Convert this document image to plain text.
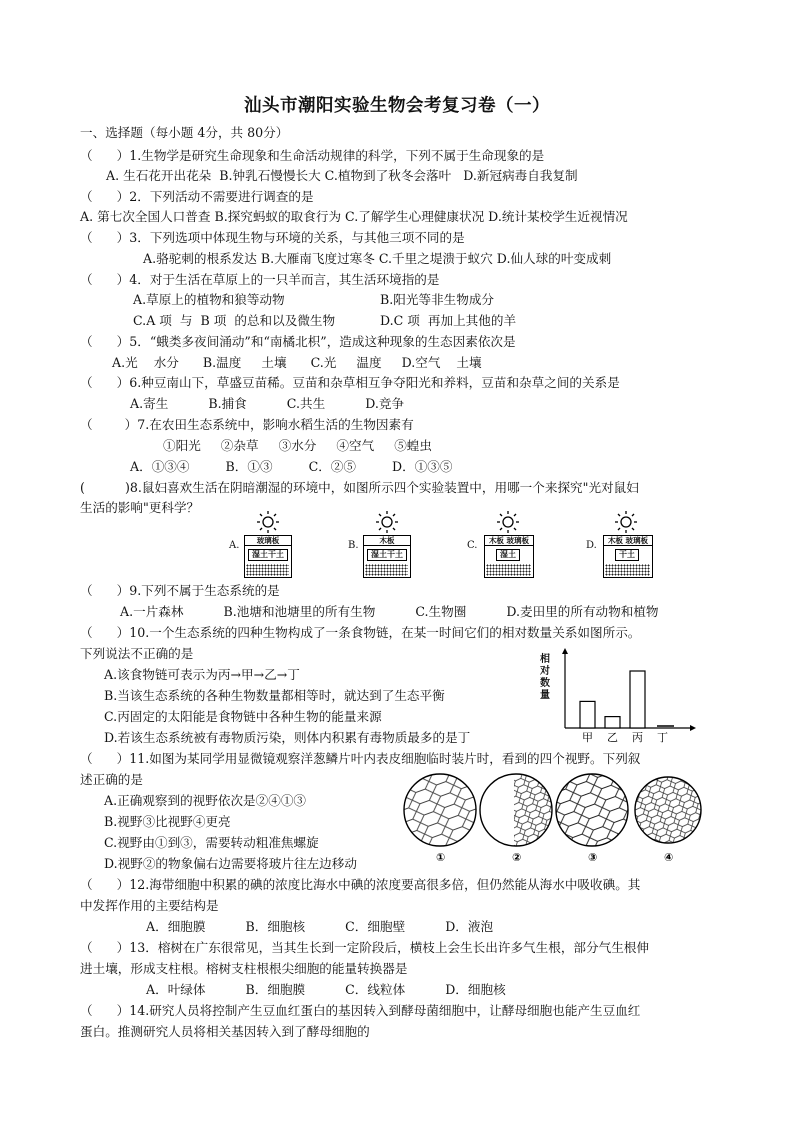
汕头市潮阳实验生物会考复习卷（一）
一、选择题（每小题 4分，共 80分）
（      ）1.生物学是研究生命现象和生命活动规律的科学，下列不属于生命现象的是
A. 生石花开出花朵  B.钟乳石慢慢长大 C.植物到了秋冬会落叶   D.新冠病毒自我复制
（      ）2．下列活动不需要进行调查的是
A. 第七次全国人口普查 B.探究蚂蚁的取食行为 C.了解学生心理健康状况 D.统计某校学生近视情况
（      ）3．下列选项中体现生物与环境的关系，与其他三项不同的是
A.骆驼刺的根系发达 B.大雁南飞度过寒冬 C.千里之堤溃于蚁穴 D.仙人球的叶变成刺
（      ）4．对于生活在草原上的一只羊而言，其生活环境指的是
A.草原上的植物和狼等动物	B.阳光等非生物成分
C.A 项  与  B 项  的总和以及微生物	D.C 项  再加上其他的羊
（      ）5．“蛾类多夜间涌动”和“南橘北枳”，造成这种现象的生态因素依次是
A.光    水分      B.温度     土壤      C.光     温度     D.空气    土壤
（      ）6.种豆南山下，草盛豆苗稀。豆苗和杂草相互争夺阳光和养料，豆苗和杂草之间的关系是
A.寄生          B.捕食          C.共生          D.竞争
（        ）7.在农田生态系统中，影响水稻生活的生物因素有
①阳光     ②杂草     ③水分     ④空气     ⑤蝗虫
A．①③④         B．①③         C．②⑤         D．①③⑤
(          )8.鼠妇喜欢生活在阴暗潮湿的环境中，如图所示四个实验装置中，用哪一个来探究"光对鼠妇
生活的影响"更科学？
A.	玻璃板
湿土干土
B.	木板
湿土干土
C.	木板 玻璃板
湿土
D.	木板 玻璃板
干土
（      ）9.下列不属于生态系统的是
A.一片森林          B.池塘和池塘里的所有生物          C.生物圈          D.麦田里的所有动物和植物
（      ）10.一个生态系统的四种生物构成了一条食物链，在某一时间它们的相对数量关系如图所示。
下列说法不正确的是
A.该食物链可表示为丙→甲→乙→丁
B.当该生态系统的各种生物数量都相等时，就达到了生态平衡
C.丙固定的太阳能是食物链中各种生物的能量来源
D.若该生态系统被有毒物质污染，则体内积累有毒物质最多的是丁	甲 乙 丙 丁
相对数量
（      ）11.如图为某同学用显微镜观察洋葱鳞片叶内表皮细胞临时装片时，看到的四个视野。下列叙
述正确的是
A.正确观察到的视野依次是②④①③
B.视野③比视野④更亮
C.视野由①到③，需要转动粗准焦螺旋
D.视野②的物象偏右边需要将玻片往左边移动	①	②	③	④
（      ）12.海带细胞中积累的碘的浓度比海水中碘的浓度要高很多倍，但仍然能从海水中吸收碘。其
中发挥作用的主要结构是
A．细胞膜          B．细胞核          C．细胞壁          D．液泡
（      ）13．榕树在广东很常见，当其生长到一定阶段后，横枝上会生长出许多气生根，部分气生根伸
进土壤，形成支柱根。榕树支柱根根尖细胞的能量转换器是
A．叶绿体          B．细胞膜          C．线粒体          D．细胞核
（      ）14.研究人员将控制产生豆血红蛋白的基因转入到酵母菌细胞中，让酵母细胞也能产生豆血红
蛋白。推测研究人员将相关基因转入到了酵母细胞的
